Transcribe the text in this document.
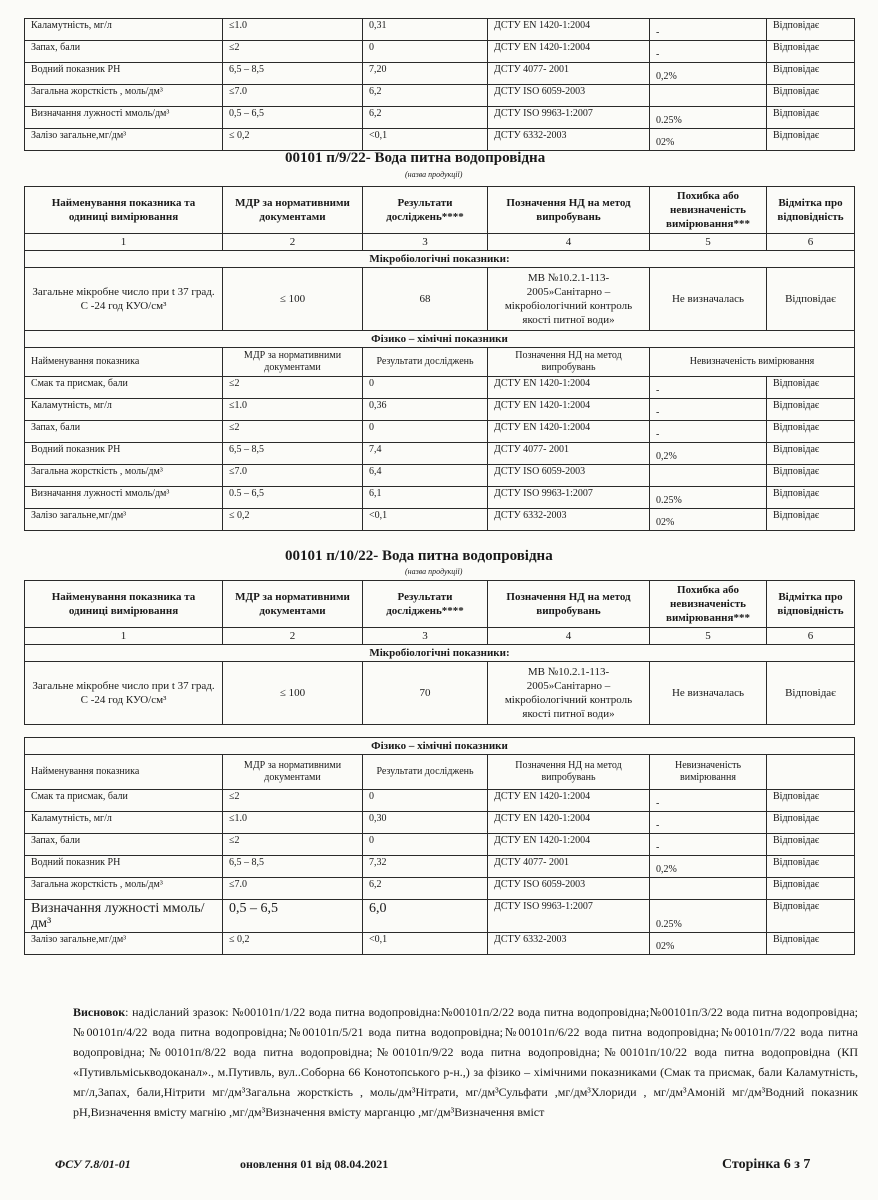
Каламутність, мг/л	≤1.0	0,31	ДСТУ EN 1420-1:2004	-	Відповідає
Запах, бали	≤2	0	ДСТУ EN 1420-1:2004	-	Відповідає
Водний показник РН	6,5 – 8,5	7,20	ДСТУ 4077- 2001	0,2%	Відповідає
Загальна жорсткість , моль/дм³	≤7.0	6,2	ДСТУ ISO 6059-2003		Відповідає
Визначання лужності ммоль/дм³	0,5 – 6,5	6,2	ДСТУ ISO 9963-1:2007	0.25%	Відповідає
Залізо загальне,мг/дм³	≤ 0,2	<0,1	ДСТУ 6332-2003	02%	Відповідає
00101 п/9/22- Вода питна водопровідна
(назва продукції)
Найменування показника та одиниці вимірювання	МДР за нормативними документами	Результати досліджень****	Позначення НД на метод випробувань	Похибка або невизначеність вимірювання***	Відмітка про відповідність
1	2	3	4	5	6
Мікробіологічні показники:					
Загальне мікробне число при t 37 град. С -24 год КУО/см³	≤ 100	68	МВ №10.2.1-113-2005»Санітарно – мікробіологічний контроль якості питної води»	Не визначалась	Відповідає
Фізико – хімічні показники					
Найменування показника	МДР за нормативними документами	Результати досліджень	Позначення НД на метод випробувань	Невизначеність вимірювання	
Смак та присмак, бали	≤2	0	ДСТУ EN 1420-1:2004	-	Відповідає
Каламутність, мг/л	≤1.0	0,36	ДСТУ EN 1420-1:2004	-	Відповідає
Запах, бали	≤2	0	ДСТУ EN 1420-1:2004	-	Відповідає
Водний показник РН	6,5 – 8,5	7,4	ДСТУ 4077- 2001	0,2%	Відповідає
Загальна жорсткість , моль/дм³	≤7.0	6,4	ДСТУ ISO 6059-2003		Відповідає
Визначання лужності ммоль/дм³	0.5 – 6,5	6,1	ДСТУ ISO 9963-1:2007	0.25%	Відповідає
Залізо загальне,мг/дм³	≤ 0,2	<0,1	ДСТУ 6332-2003	02%	Відповідає
00101 п/10/22- Вода питна водопровідна
(назва продукції)
Найменування показника та одиниці вимірювання	МДР за нормативними документами	Результати досліджень****	Позначення НД на метод випробувань	Похибка або невизначеність вимірювання***	Відмітка про відповідність
1	2	3	4	5	6
Мікробіологічні показники:					
Загальне мікробне число при t 37 град. С -24 год КУО/см³	≤ 100	70	МВ №10.2.1-113-2005»Санітарно – мікробіологічний контроль якості питної води»	Не визначалась	Відповідає

Фізико – хімічні показники					
Найменування показника	МДР за нормативними документами	Результати досліджень	Позначення НД на метод випробувань	Невизначеність вимірювання	
Смак та присмак, бали	≤2	0	ДСТУ EN 1420-1:2004	-	Відповідає
Каламутність, мг/л	≤1.0	0,30	ДСТУ EN 1420-1:2004	-	Відповідає
Запах, бали	≤2	0	ДСТУ EN 1420-1:2004	-	Відповідає
Водний показник РН	6,5 – 8,5	7,32	ДСТУ 4077- 2001	0,2%	Відповідає
Загальна жорсткість , моль/дм³	≤7.0	6,2	ДСТУ ISO 6059-2003		Відповідає
Визначання лужності ммоль/дм³	0,5 – 6,5	6,0	ДСТУ ISO 9963-1:2007	0.25%	Відповідає
Залізо загальне,мг/дм³	≤ 0,2	<0,1	ДСТУ 6332-2003	02%	Відповідає
Висновок: надісланий зразок: №00101п/1/22 вода питна водопровідна:№00101п/2/22 вода питна водопровідна;№00101п/3/22 вода питна водопровідна;№00101п/4/22 вода питна водопровідна;№00101п/5/21 вода питна водопровідна;№00101п/6/22 вода питна водопровідна;№00101п/7/22 вода питна водопровідна;№00101п/8/22 вода питна водопровідна;№00101п/9/22 вода питна водопровідна;№00101п/10/22 вода питна водопровідна (КП «Путивльміськводоканал»., м.Путивль, вул..Соборна 66 Конотопського р-н.,) за фізико – хімічними показниками (Смак та присмак, бали Каламутність, мг/л,Запах, бали,Нітрити мг/дм³Загальна жорсткість , моль/дм³Нітрати, мг/дм³Сульфати ,мг/дм³Хлориди , мг/дм³Амоній мг/дм³Водний показник рН,Визначення вмісту магнію ,мг/дм³Визначення вмісту марганцю ,мг/дм³Визначення вміст
ФСУ 7.8/01-01	оновлення 01 від 08.04.2021	Сторінка 6 з 7
